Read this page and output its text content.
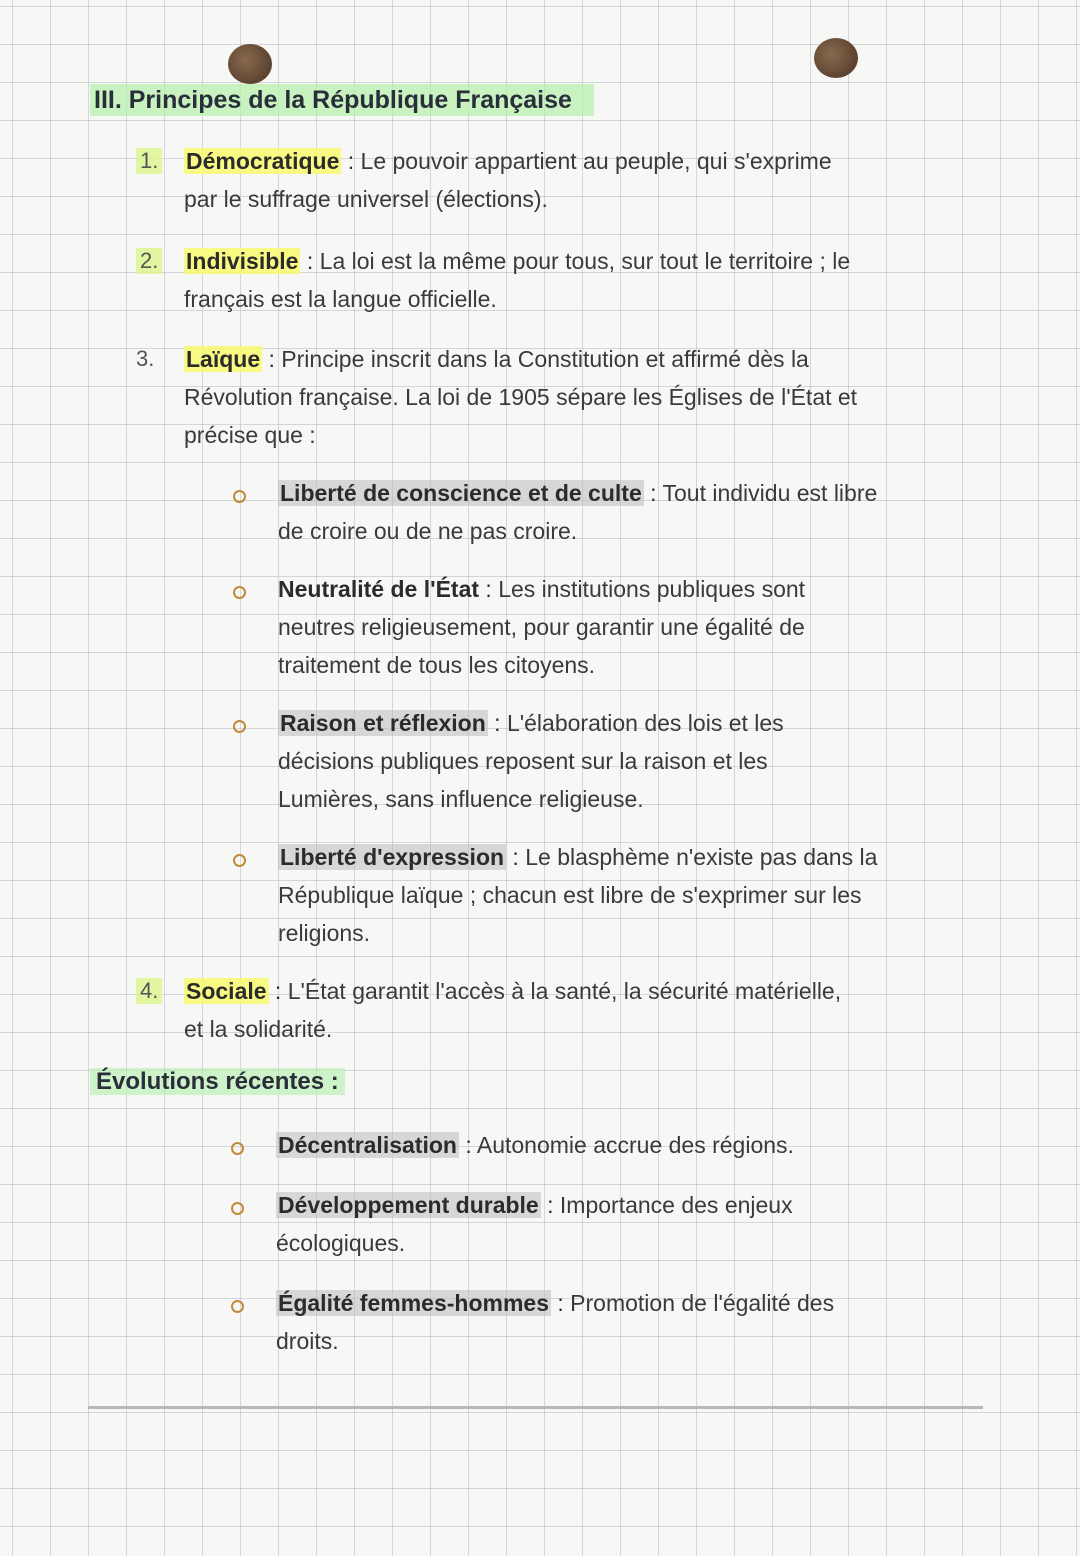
III. Principes de la République Française
1. Démocratique : Le pouvoir appartient au peuple, qui s'exprime
par le suffrage universel (élections).
2. Indivisible : La loi est la même pour tous, sur tout le territoire ; le
français est la langue officielle.
3. Laïque : Principe inscrit dans la Constitution et affirmé dès la
Révolution française. La loi de 1905 sépare les Églises de l'État et
précise que :
Liberté de conscience et de culte : Tout individu est libre
de croire ou de ne pas croire.
Neutralité de l'État : Les institutions publiques sont
neutres religieusement, pour garantir une égalité de
traitement de tous les citoyens.
Raison et réflexion : L'élaboration des lois et les
décisions publiques reposent sur la raison et les
Lumières, sans influence religieuse.
Liberté d'expression : Le blasphème n'existe pas dans la
République laïque ; chacun est libre de s'exprimer sur les
religions.
4. Sociale : L'État garantit l'accès à la santé, la sécurité matérielle,
et la solidarité.
Évolutions récentes :
Décentralisation : Autonomie accrue des régions.
Développement durable : Importance des enjeux
écologiques.
Égalité femmes-hommes : Promotion de l'égalité des
droits.
